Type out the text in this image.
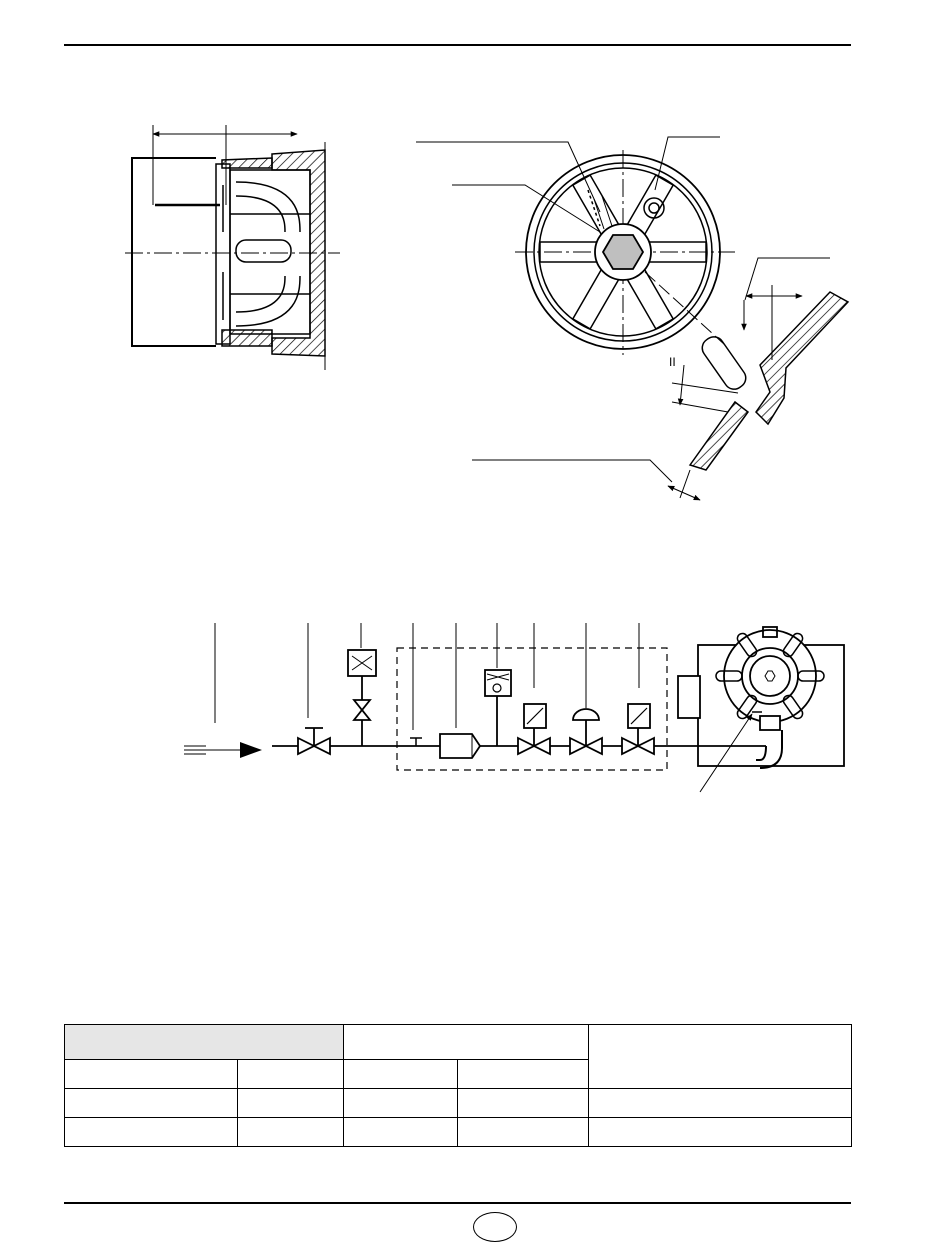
II
